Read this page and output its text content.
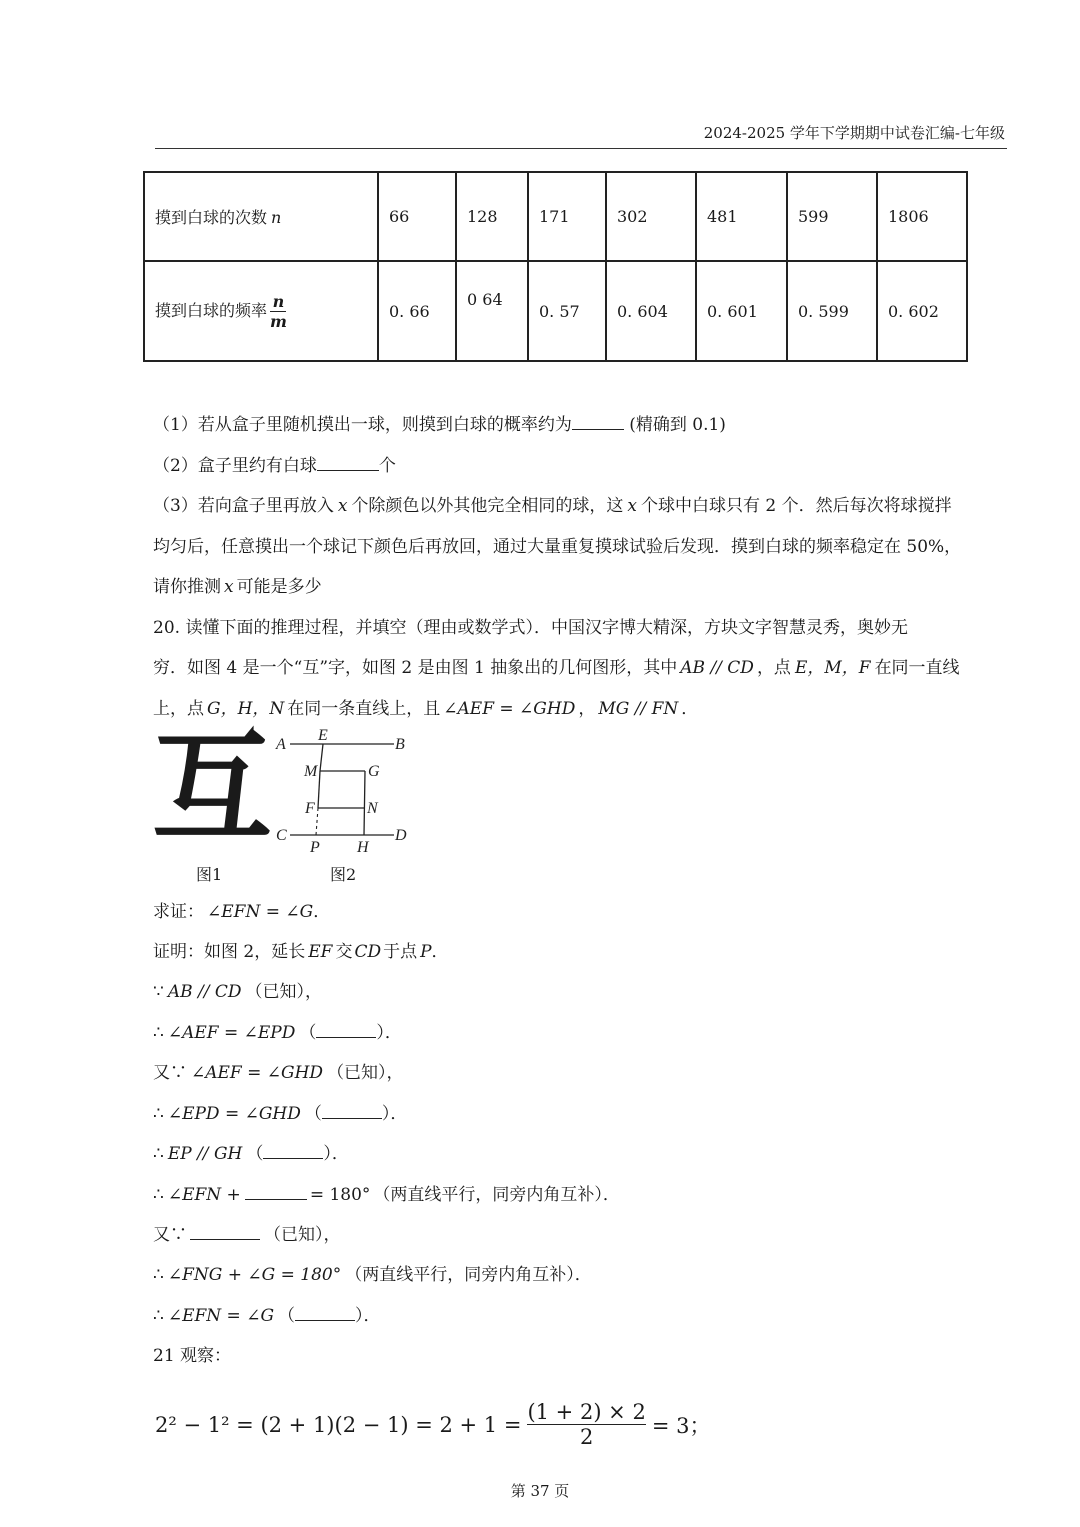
2024-2025 学年下学期期中试卷汇编-七年级
摸到白球的次数 n	66	128	171	302	481	599	1806
摸到白球的频率 $\frac{n}{m}$	0. 66	0 64	0. 57	0. 604	0. 601	0. 599	0. 602
（1）若从盒子里随机摸出一球，则摸到白球的概率约为	(精确到 0.1)
（2）盒子里约有白球	个
（3）若向盒子里再放入 x 个除颜色以外其他完全相同的球，这 x 个球中白球只有 2 个．然后每次将球搅拌
均匀后，任意摸出一个球记下颜色后再放回，通过大量重复摸球试验后发现．摸到白球的频率稳定在 50%，
请你推测 x 可能是多少
20. 读懂下面的推理过程，并填空（理由或数学式）．中国汉字博大精深，方块文字智慧灵秀，奥妙无
穷．如图 4 是一个“互”字，如图 2 是由图 1 抽象出的几何图形，其中 AB // CD ，点 E，M，F 在同一直线
上，点 G，H，N 在同一条直线上，且 ∠AEF = ∠GHD ， MG // FN ．
互
图1
A	B
C	D
E
M	G
F	N
P H
图2
求证： ∠EFN = ∠G．
证明：如图 2，延长 EF 交 CD 于点 P．
∵ AB // CD （已知），
∴ ∠AEF = ∠EPD （	）．
又∵ ∠AEF = ∠GHD （已知），
∴ ∠EPD = ∠GHD （	）．
∴ EP // GH （	）．
∴ ∠EFN +	= 180° （两直线平行，同旁内角互补）．
又∵	（已知），
∴ ∠FNG + ∠G = 180° （两直线平行，同旁内角互补）．
∴ ∠EFN = ∠G （	）．
21 观察：
2² − 1² = (2 + 1)(2 − 1) = 2 + 1 =
(1 + 2) × 2
2	= 3；
第 37 页
